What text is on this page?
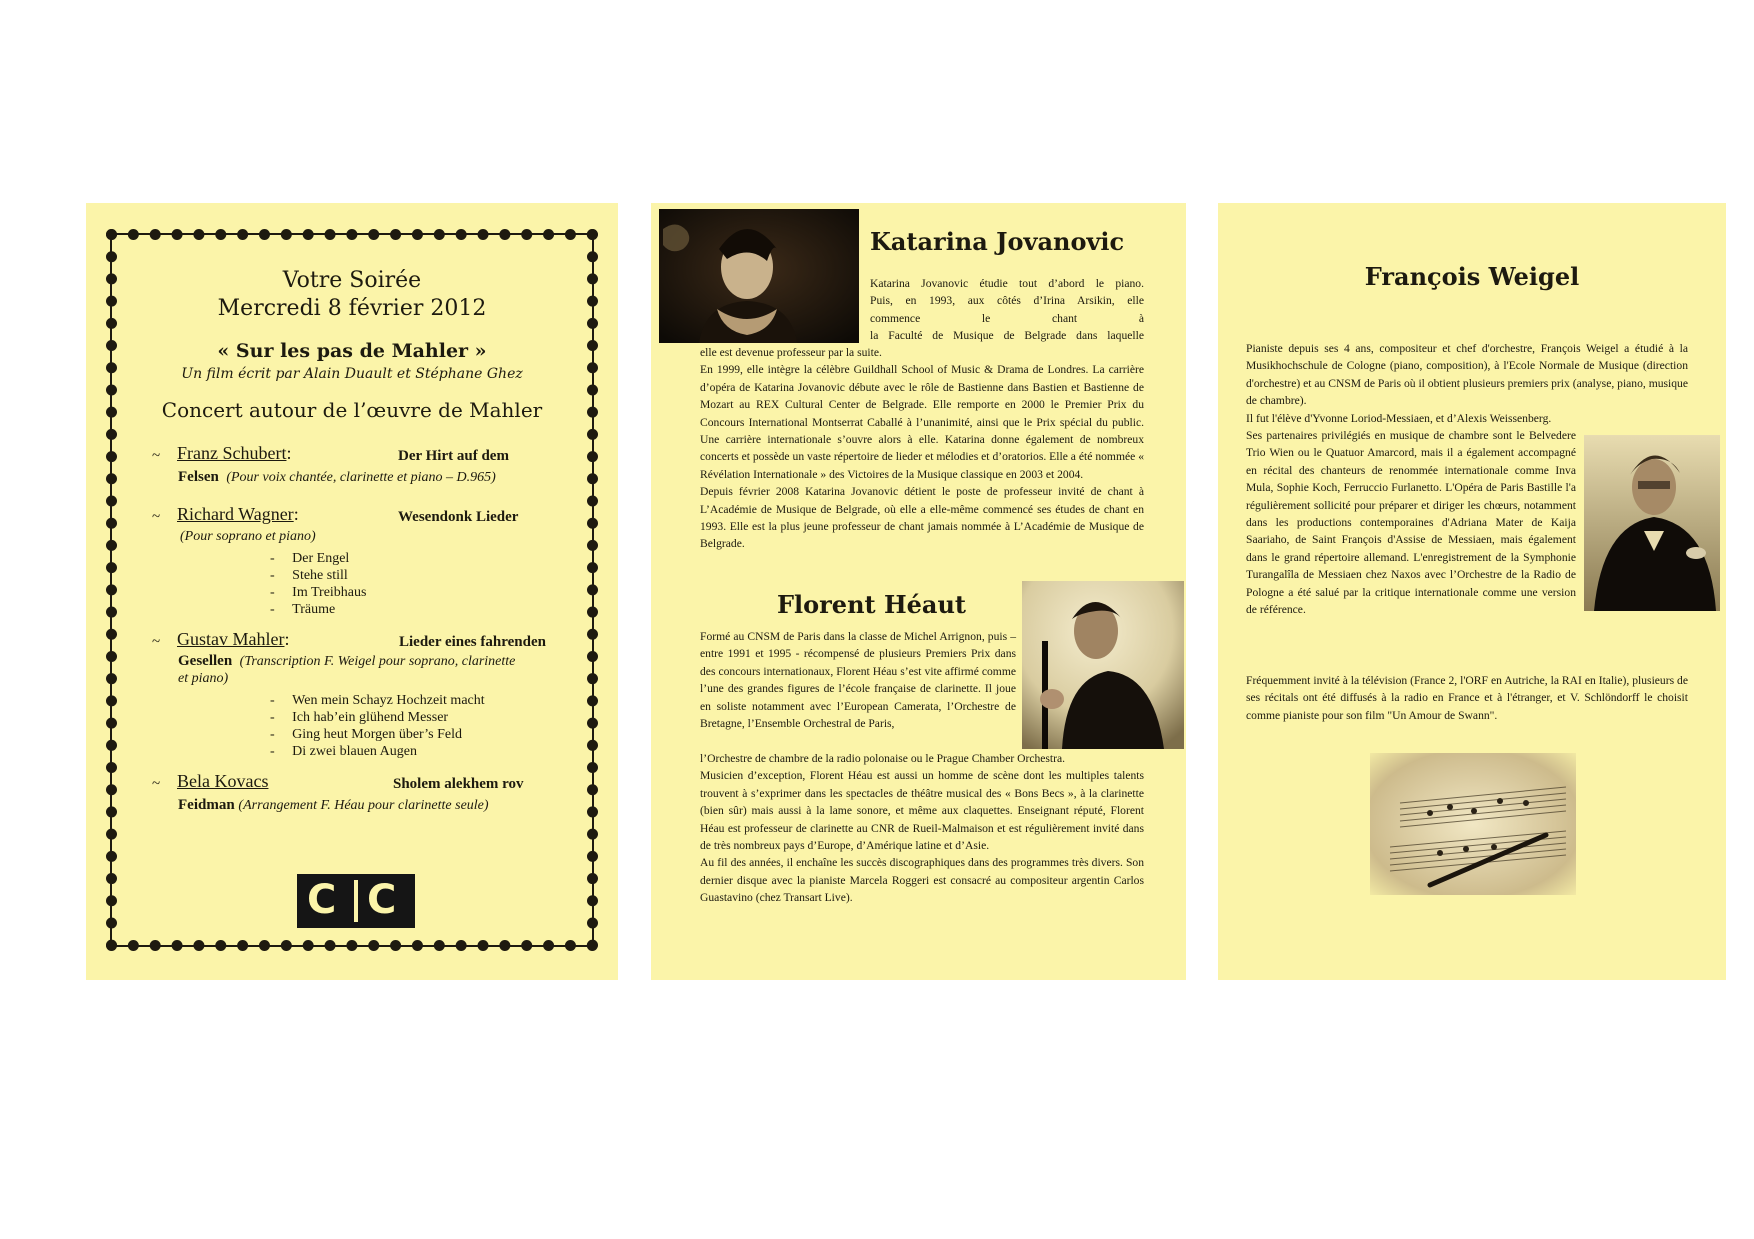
Votre Soirée
Mercredi 8 février 2012
« Sur les pas de Mahler »
Un film écrit par Alain Duault et Stéphane Ghez
Concert autour de l’œuvre de Mahler
~ Franz Schubert:	Der Hirt auf dem
Felsen (Pour voix chantée, clarinette et piano – D.965)
~ Richard Wagner:	Wesendonk Lieder
(Pour soprano et piano)
-     Der Engel
-     Stehe still
-     Im Treibhaus
-     Träume
~ Gustav Mahler:	Lieder eines fahrenden
Gesellen (Transcription F. Weigel pour soprano, clarinette
et piano)
-     Wen mein Schayz Hochzeit macht
-     Ich hab’ein glühend Messer
-     Ging heut Morgen über’s Feld
-     Di zwei blauen Augen
~ Bela Kovacs	Sholem alekhem rov
Feidman (Arrangement F. Héau pour clarinette seule)
C C
Katarina Jovanovic
Katarina Jovanovic étudie tout d’abord le piano.
Puis, en 1993, aux côtés d’Irina Arsikin, elle
commence le chant à
la Faculté de Musique de Belgrade dans laquelle

elle est devenue professeur par la suite.

En 1999, elle intègre la célèbre Guildhall School of Music & Drama de Londres. La carrière d’opéra de Katarina Jovanovic débute avec le rôle de Bastienne dans Bastien et Bastienne de Mozart au REX Cultural Center de Belgrade. Elle remporte en 2000 le Premier Prix du Concours International Montserrat Caballé à l’unanimité, ainsi que le Prix spécial du public. Une carrière internationale s’ouvre alors à elle. Katarina donne également de nombreux concerts et possède un vaste répertoire de lieder et mélodies et d’oratorios. Elle a été nommée « Révélation Internationale » des Victoires de la Musique classique en 2003 et 2004.

Depuis février 2008 Katarina Jovanovic détient le poste de professeur invité de chant à L’Académie de Musique de Belgrade, où elle a elle-même commencé ses études de chant en 1993. Elle est la plus jeune professeur de chant jamais nommée à L’Académie de Musique de Belgrade.

Florent Héaut
Formé au CNSM de Paris dans la classe de Michel Arrignon, puis – entre 1991 et 1995 - récompensé de plusieurs Premiers Prix dans des concours internationaux, Florent Héau s’est vite affirmé comme l’une des grandes figures de l’école française de clarinette. Il joue en soliste notamment avec l’European Camerata, l’Orchestre de Bretagne, l’Ensemble Orchestral de Paris,

l’Orchestre de chambre de la radio polonaise ou le Prague Chamber Orchestra.

Musicien d’exception, Florent Héau est aussi un homme de scène dont les multiples talents trouvent à s’exprimer dans les spectacles de théâtre musical des « Bons Becs », à la clarinette (bien sûr) mais aussi à la lame sonore, et même aux claquettes. Enseignant réputé, Florent Héau est professeur de clarinette au CNR de Rueil-Malmaison et est régulièrement invité dans de très nombreux pays d’Europe, d’Amérique latine et d’Asie.

Au fil des années, il enchaîne les succès discographiques dans des programmes très divers. Son dernier disque avec la pianiste Marcela Roggeri est consacré au compositeur argentin Carlos Guastavino (chez Transart Live).

François Weigel

Pianiste depuis ses 4 ans, compositeur et chef d'orchestre, François Weigel a étudié à la Musikhochschule de Cologne (piano, composition), à l'Ecole Normale de Musique (direction d'orchestre) et au CNSM de Paris où il obtient plusieurs premiers prix (analyse, piano, musique de chambre).

Il fut l'élève d'Yvonne Loriod-Messiaen, et d’Alexis Weissenberg.

Ses partenaires privilégiés en musique de chambre sont le Belvedere Trio Wien ou le Quatuor Amarcord, mais il a également accompagné en récital des chanteurs de renommée internationale comme Inva Mula, Sophie Koch, Ferruccio Furlanetto. L'Opéra de Paris Bastille l'a régulièrement sollicité pour préparer et diriger les chœurs, notamment dans les productions contemporaines d'Adriana Mater de Kaija Saariaho, de Saint François d'Assise de Messiaen, mais également dans le grand répertoire allemand. L'enregistrement de la Symphonie Turangalîla de Messiaen chez Naxos avec l’Orchestre de la Radio de Pologne a été salué par la critique internationale comme une version de référence.
Fréquemment invité à la télévision (France 2, l'ORF en Autriche, la RAI en Italie), plusieurs de ses récitals ont été diffusés à la radio en France et à l'étranger, et V. Schlöndorff le choisit comme pianiste pour son film "Un Amour de Swann".
